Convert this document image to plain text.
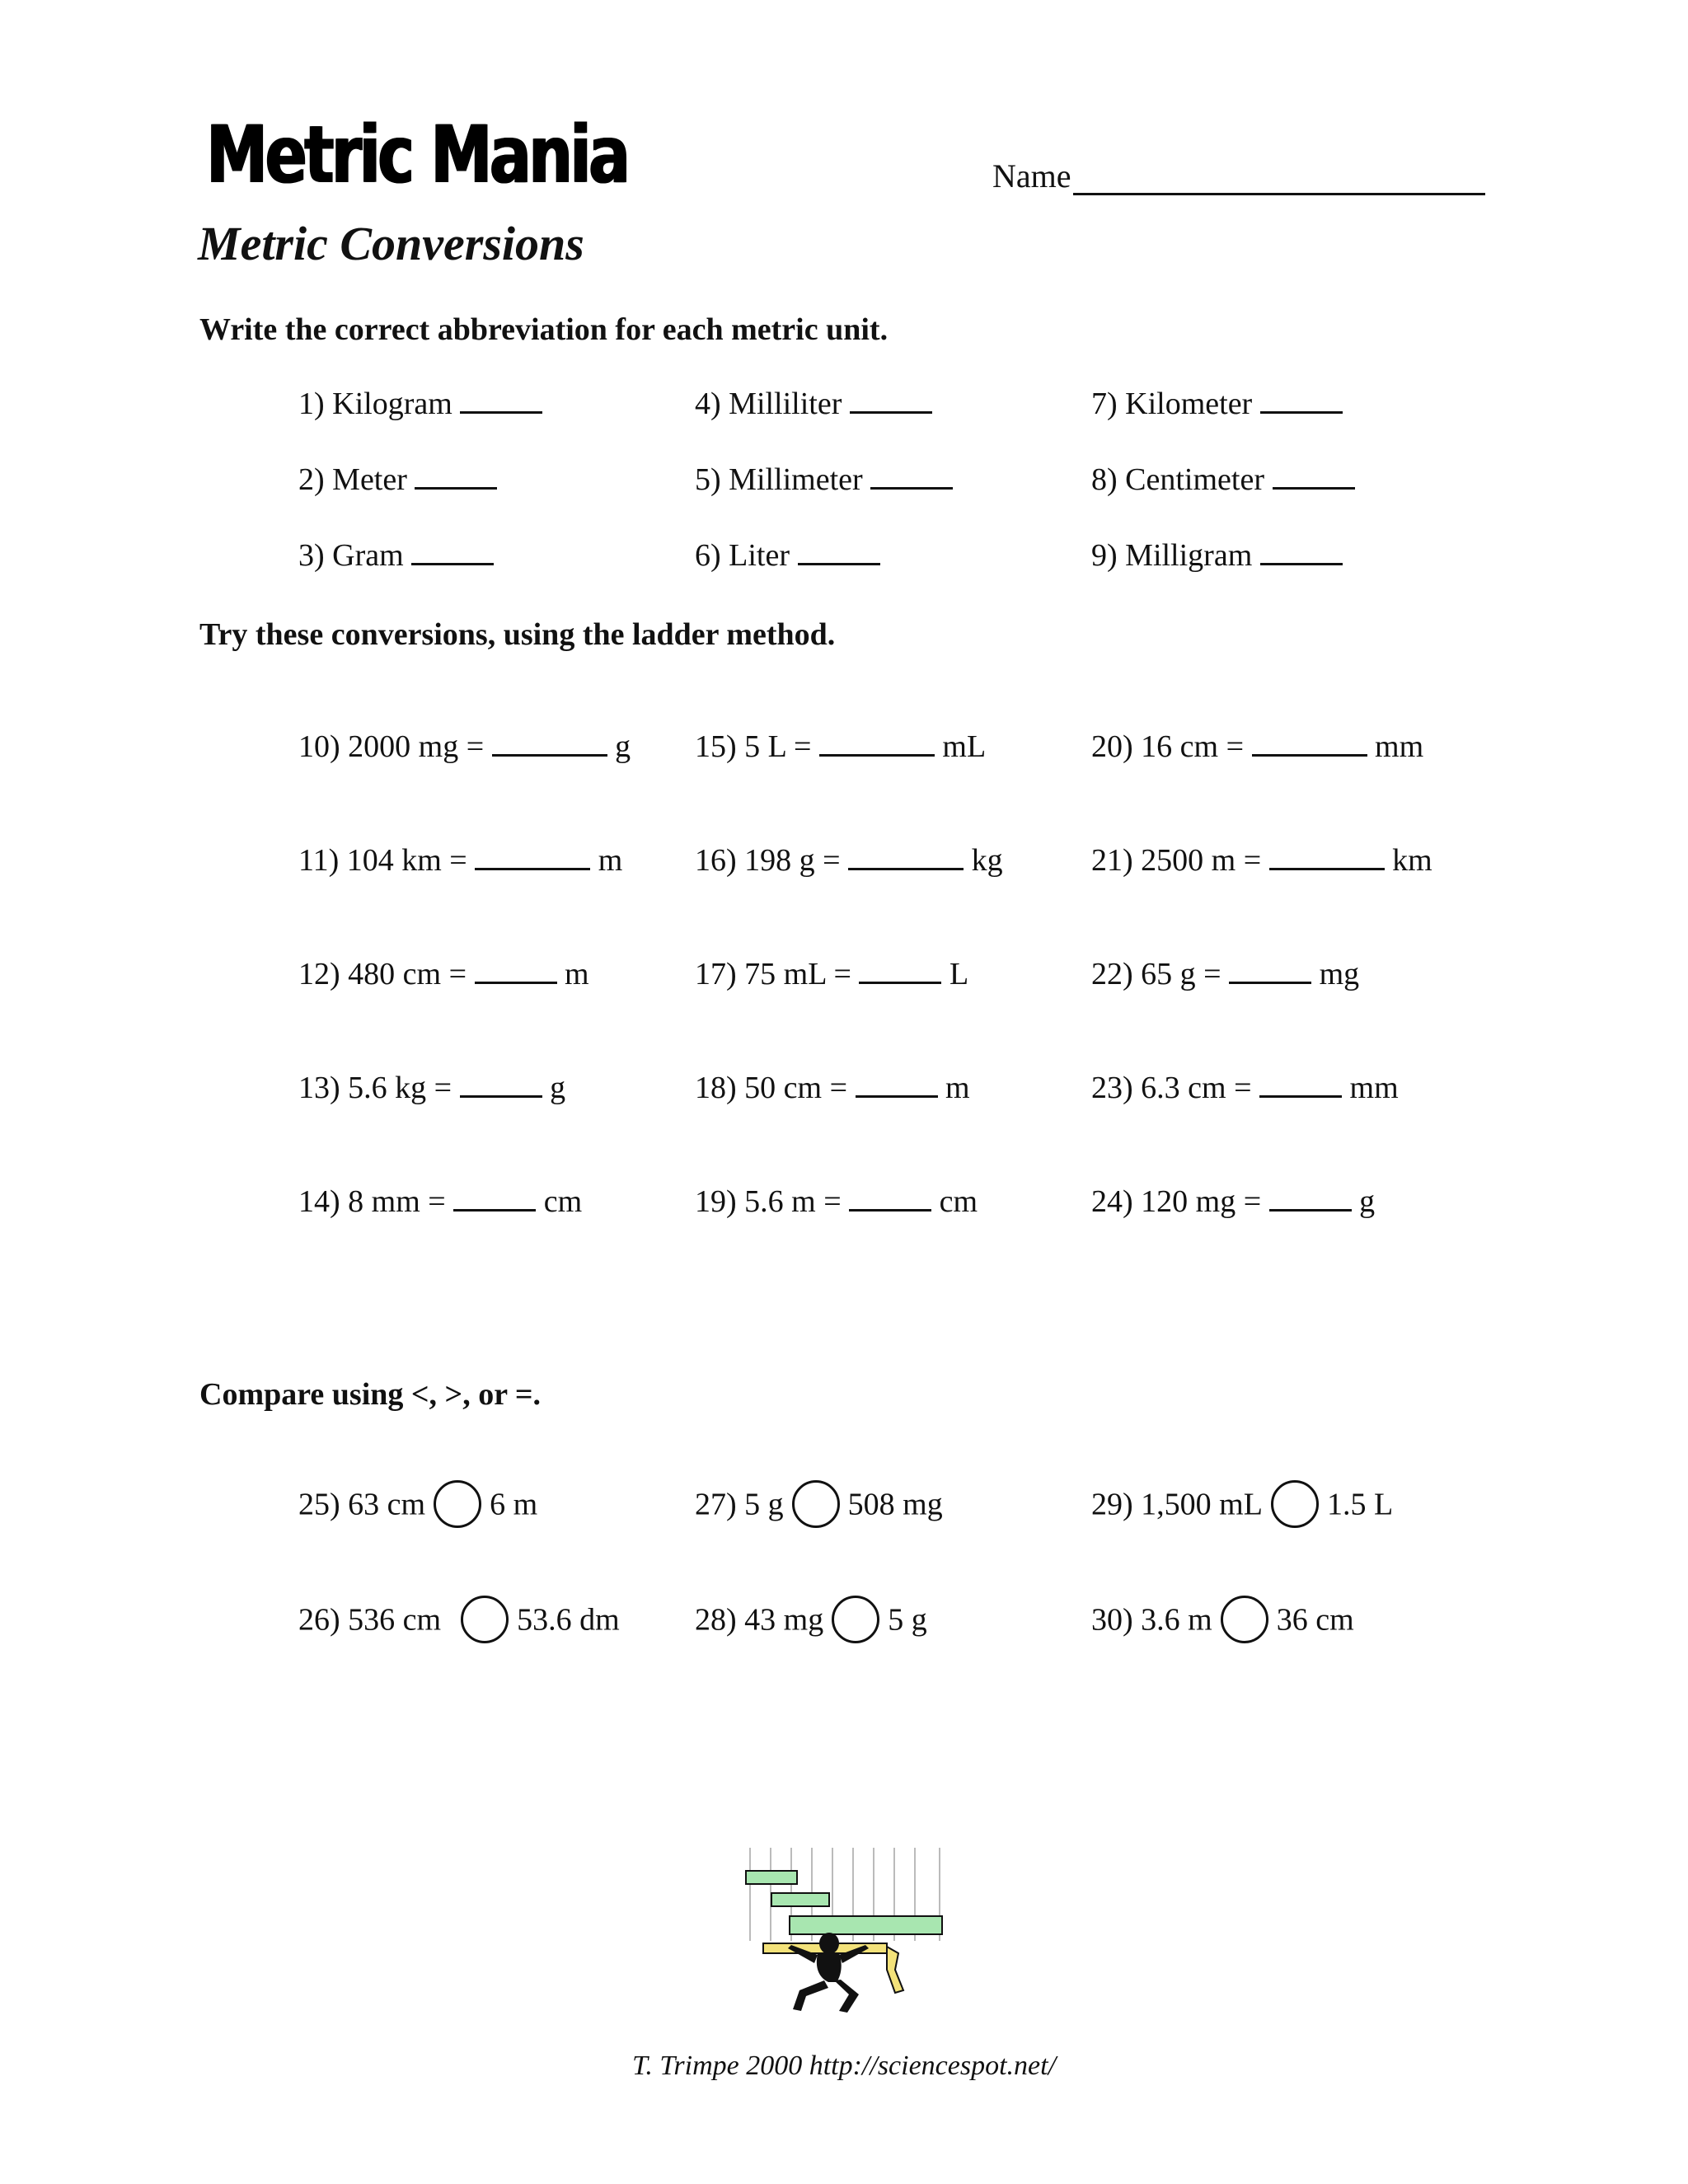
Metric Mania
Metric Conversions
Name
Write the correct abbreviation for each metric unit.
1) Kilogram
2) Meter
3) Gram
4) Milliliter
5) Millimeter
6) Liter
7) Kilometer
8) Centimeter
9) Milligram
Try these conversions, using the ladder method.
10) 2000 mg =	g
11) 104 km =	m
12) 480 cm =	m
13) 5.6 kg =	g
14) 8 mm =	cm
15) 5 L =	mL
16) 198 g =	kg
17) 75 mL =	L
18) 50 cm =	m
19) 5.6 m =	cm
20) 16 cm =	mm
21) 2500 m =	km
22) 65 g =	mg
23) 6.3 cm =	mm
24) 120 mg =	g
Compare using <, >, or =.
25) 63 cm 6 m
26) 536 cm 53.6 dm
27) 5 g 508 mg
28) 43 mg 5 g
29) 1,500 mL 1.5 L
30) 3.6 m 36 cm
T. Trimpe 2000 http://sciencespot.net/
